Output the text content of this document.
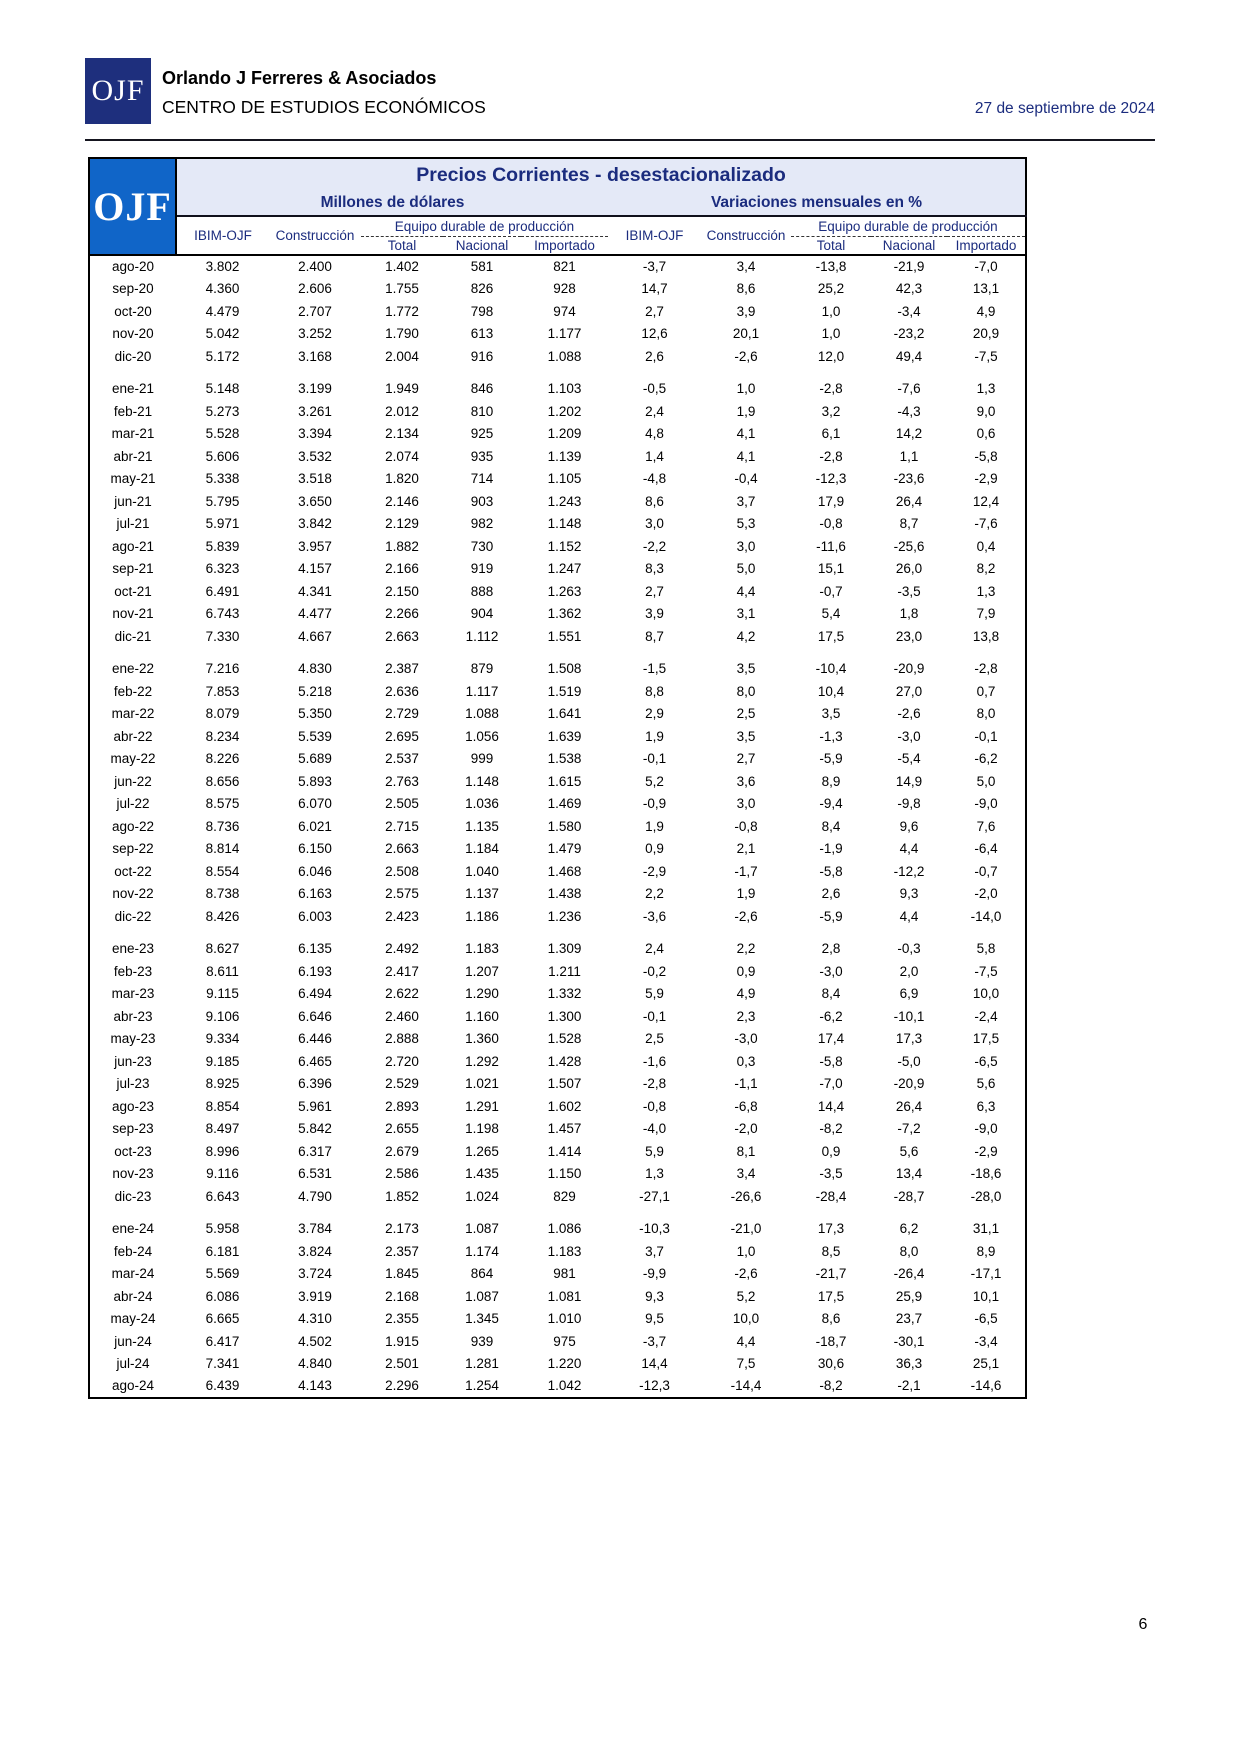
OJF Orlando J Ferreres & Asociados
CENTRO DE ESTUDIOS ECONÓMICOS	27 de septiembre de 2024
OJF	Precios Corrientes - desestacionalizado									
	Millones de dólares					Variaciones mensuales en %				
	IBIM-OJF	Construcción	Equipo durable de producción			IBIM-OJF	Construcción	Equipo durable de producción		
			Total	Nacional	Importado			Total	Nacional	Importado
ago-20	3.802	2.400	1.402	581	821	-3,7	3,4	-13,8	-21,9	-7,0
sep-20	4.360	2.606	1.755	826	928	14,7	8,6	25,2	42,3	13,1
oct-20	4.479	2.707	1.772	798	974	2,7	3,9	1,0	-3,4	4,9
nov-20	5.042	3.252	1.790	613	1.177	12,6	20,1	1,0	-23,2	20,9
dic-20	5.172	3.168	2.004	916	1.088	2,6	-2,6	12,0	49,4	-7,5

ene-21	5.148	3.199	1.949	846	1.103	-0,5	1,0	-2,8	-7,6	1,3
feb-21	5.273	3.261	2.012	810	1.202	2,4	1,9	3,2	-4,3	9,0
mar-21	5.528	3.394	2.134	925	1.209	4,8	4,1	6,1	14,2	0,6
abr-21	5.606	3.532	2.074	935	1.139	1,4	4,1	-2,8	1,1	-5,8
may-21	5.338	3.518	1.820	714	1.105	-4,8	-0,4	-12,3	-23,6	-2,9
jun-21	5.795	3.650	2.146	903	1.243	8,6	3,7	17,9	26,4	12,4
jul-21	5.971	3.842	2.129	982	1.148	3,0	5,3	-0,8	8,7	-7,6
ago-21	5.839	3.957	1.882	730	1.152	-2,2	3,0	-11,6	-25,6	0,4
sep-21	6.323	4.157	2.166	919	1.247	8,3	5,0	15,1	26,0	8,2
oct-21	6.491	4.341	2.150	888	1.263	2,7	4,4	-0,7	-3,5	1,3
nov-21	6.743	4.477	2.266	904	1.362	3,9	3,1	5,4	1,8	7,9
dic-21	7.330	4.667	2.663	1.112	1.551	8,7	4,2	17,5	23,0	13,8

ene-22	7.216	4.830	2.387	879	1.508	-1,5	3,5	-10,4	-20,9	-2,8
feb-22	7.853	5.218	2.636	1.117	1.519	8,8	8,0	10,4	27,0	0,7
mar-22	8.079	5.350	2.729	1.088	1.641	2,9	2,5	3,5	-2,6	8,0
abr-22	8.234	5.539	2.695	1.056	1.639	1,9	3,5	-1,3	-3,0	-0,1
may-22	8.226	5.689	2.537	999	1.538	-0,1	2,7	-5,9	-5,4	-6,2
jun-22	8.656	5.893	2.763	1.148	1.615	5,2	3,6	8,9	14,9	5,0
jul-22	8.575	6.070	2.505	1.036	1.469	-0,9	3,0	-9,4	-9,8	-9,0
ago-22	8.736	6.021	2.715	1.135	1.580	1,9	-0,8	8,4	9,6	7,6
sep-22	8.814	6.150	2.663	1.184	1.479	0,9	2,1	-1,9	4,4	-6,4
oct-22	8.554	6.046	2.508	1.040	1.468	-2,9	-1,7	-5,8	-12,2	-0,7
nov-22	8.738	6.163	2.575	1.137	1.438	2,2	1,9	2,6	9,3	-2,0
dic-22	8.426	6.003	2.423	1.186	1.236	-3,6	-2,6	-5,9	4,4	-14,0

ene-23	8.627	6.135	2.492	1.183	1.309	2,4	2,2	2,8	-0,3	5,8
feb-23	8.611	6.193	2.417	1.207	1.211	-0,2	0,9	-3,0	2,0	-7,5
mar-23	9.115	6.494	2.622	1.290	1.332	5,9	4,9	8,4	6,9	10,0
abr-23	9.106	6.646	2.460	1.160	1.300	-0,1	2,3	-6,2	-10,1	-2,4
may-23	9.334	6.446	2.888	1.360	1.528	2,5	-3,0	17,4	17,3	17,5
jun-23	9.185	6.465	2.720	1.292	1.428	-1,6	0,3	-5,8	-5,0	-6,5
jul-23	8.925	6.396	2.529	1.021	1.507	-2,8	-1,1	-7,0	-20,9	5,6
ago-23	8.854	5.961	2.893	1.291	1.602	-0,8	-6,8	14,4	26,4	6,3
sep-23	8.497	5.842	2.655	1.198	1.457	-4,0	-2,0	-8,2	-7,2	-9,0
oct-23	8.996	6.317	2.679	1.265	1.414	5,9	8,1	0,9	5,6	-2,9
nov-23	9.116	6.531	2.586	1.435	1.150	1,3	3,4	-3,5	13,4	-18,6
dic-23	6.643	4.790	1.852	1.024	829	-27,1	-26,6	-28,4	-28,7	-28,0

ene-24	5.958	3.784	2.173	1.087	1.086	-10,3	-21,0	17,3	6,2	31,1
feb-24	6.181	3.824	2.357	1.174	1.183	3,7	1,0	8,5	8,0	8,9
mar-24	5.569	3.724	1.845	864	981	-9,9	-2,6	-21,7	-26,4	-17,1
abr-24	6.086	3.919	2.168	1.087	1.081	9,3	5,2	17,5	25,9	10,1
may-24	6.665	4.310	2.355	1.345	1.010	9,5	10,0	8,6	23,7	-6,5
jun-24	6.417	4.502	1.915	939	975	-3,7	4,4	-18,7	-30,1	-3,4
jul-24	7.341	4.840	2.501	1.281	1.220	14,4	7,5	30,6	36,3	25,1
ago-24	6.439	4.143	2.296	1.254	1.042	-12,3	-14,4	-8,2	-2,1	-14,6
6
